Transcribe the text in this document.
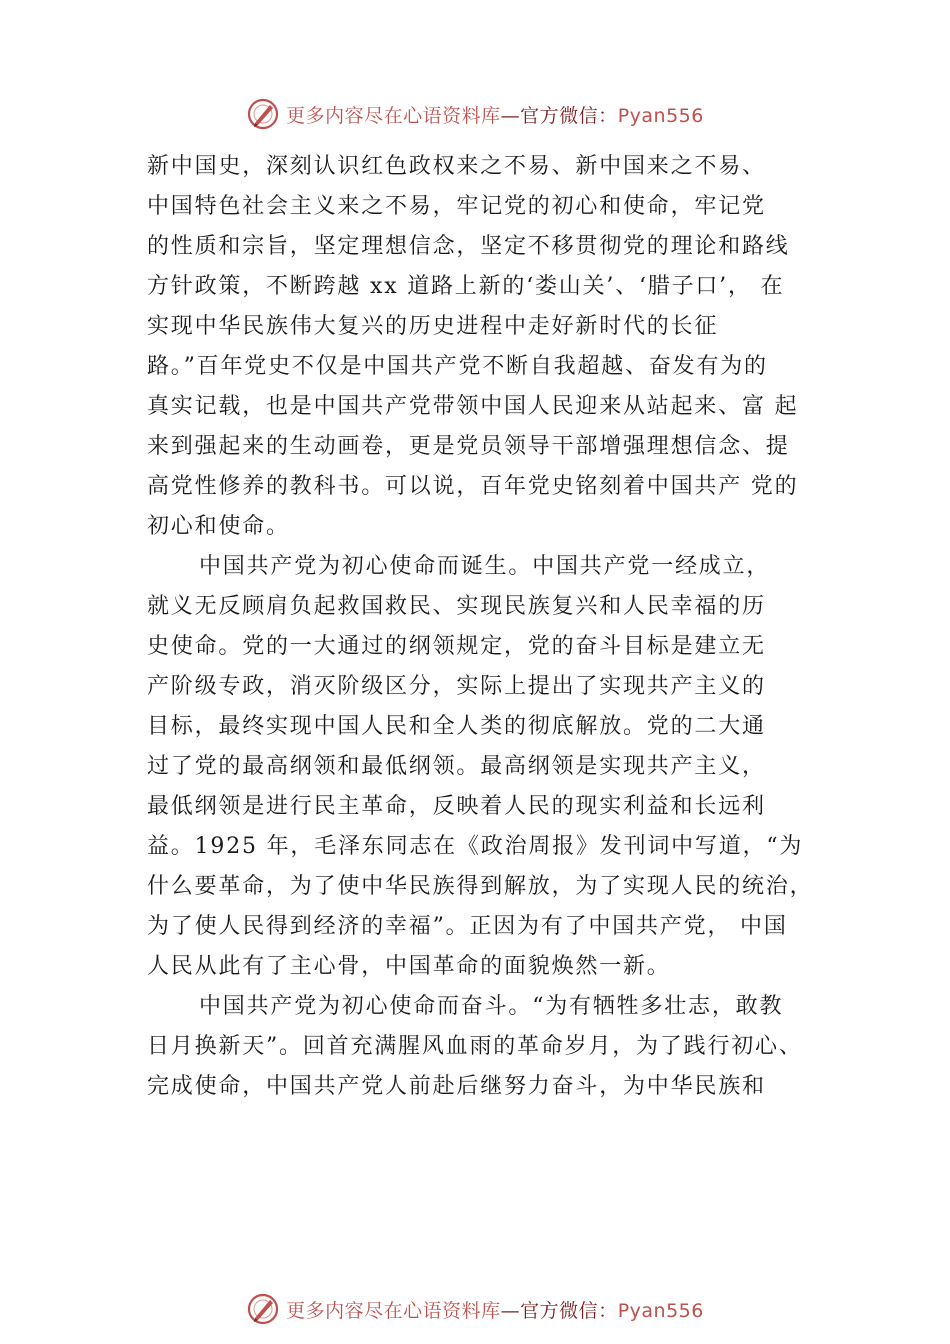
更多内容尽在心语资料库—官方微信：Pyan556
新中国史，深刻认识红色政权来之不易、新中国来之不易、
中国特色社会主义来之不易，牢记党的初心和使命，牢记党
的性质和宗旨，坚定理想信念，坚定不移贯彻党的理论和路线
方针政策，不断跨越 xx 道路上新的‘娄山关’、‘腊子口’， 在
实现中华民族伟大复兴的历史进程中走好新时代的长征
路。”百年党史不仅是中国共产党不断自我超越、奋发有为的
真实记载，也是中国共产党带领中国人民迎来从站起来、富 起
来到强起来的生动画卷，更是党员领导干部增强理想信念、提
高党性修养的教科书。可以说，百年党史铭刻着中国共产 党的
初心和使命。
中国共产党为初心使命而诞生。中国共产党一经成立，
就义无反顾肩负起救国救民、实现民族复兴和人民幸福的历
史使命。党的一大通过的纲领规定，党的奋斗目标是建立无
产阶级专政，消灭阶级区分，实际上提出了实现共产主义的
目标，最终实现中国人民和全人类的彻底解放。党的二大通
过了党的最高纲领和最低纲领。最高纲领是实现共产主义，
最低纲领是进行民主革命，反映着人民的现实利益和长远利
益。1925 年，毛泽东同志在《政治周报》发刊词中写道，“为
什么要革命，为了使中华民族得到解放，为了实现人民的统治，
为了使人民得到经济的幸福”。正因为有了中国共产党， 中国
人民从此有了主心骨，中国革命的面貌焕然一新。
中国共产党为初心使命而奋斗。“为有牺牲多壮志，敢教
日月换新天”。回首充满腥风血雨的革命岁月，为了践行初心、
完成使命，中国共产党人前赴后继努力奋斗，为中华民族和
更多内容尽在心语资料库—官方微信：Pyan556
